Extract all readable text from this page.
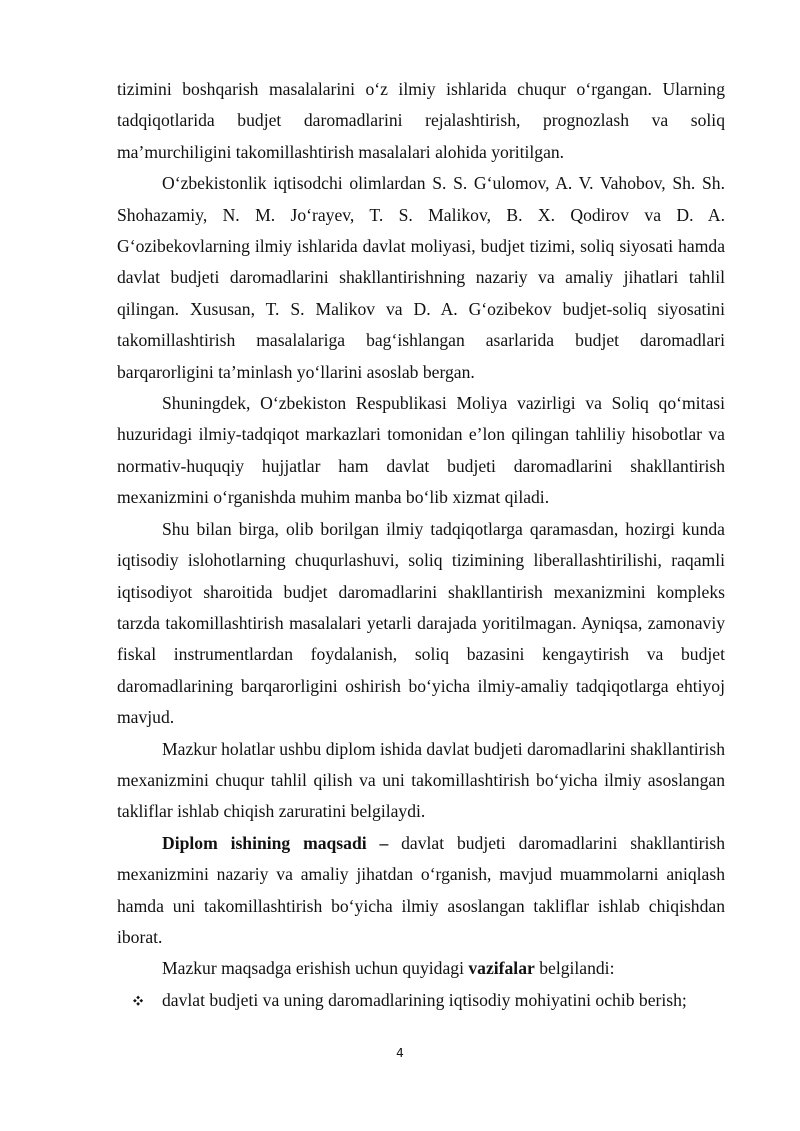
tizimini boshqarish masalalarini o‘z ilmiy ishlarida chuqur o‘rgangan. Ularning tadqiqotlarida budjet daromadlarini rejalashtirish, prognozlash va soliq ma’murchiligini takomillashtirish masalalari alohida yoritilgan.

O‘zbekistonlik iqtisodchi olimlardan S. S. G‘ulomov, A. V. Vahobov, Sh. Sh. Shohazamiy, N. M. Jo‘rayev, T. S. Malikov, B. X. Qodirov va D. A. G‘ozibekovlarning ilmiy ishlarida davlat moliyasi, budjet tizimi, soliq siyosati hamda davlat budjeti daromadlarini shakllantirishning nazariy va amaliy jihatlari tahlil qilingan. Xususan, T. S. Malikov va D. A. G‘ozibekov budjet-soliq siyosatini takomillashtirish masalalariga bag‘ishlangan asarlarida budjet daromadlari barqarorligini ta’minlash yo‘llarini asoslab bergan.

Shuningdek, O‘zbekiston Respublikasi Moliya vazirligi va Soliq qo‘mitasi huzuridagi ilmiy-tadqiqot markazlari tomonidan e’lon qilingan tahliliy hisobotlar va normativ-huquqiy hujjatlar ham davlat budjeti daromadlarini shakllantirish mexanizmini o‘rganishda muhim manba bo‘lib xizmat qiladi.

Shu bilan birga, olib borilgan ilmiy tadqiqotlarga qaramasdan, hozirgi kunda iqtisodiy islohotlarning chuqurlashuvi, soliq tizimining liberallashtirilishi, raqamli iqtisodiyot sharoitida budjet daromadlarini shakllantirish mexanizmini kompleks tarzda takomillashtirish masalalari yetarli darajada yoritilmagan. Ayniqsa, zamonaviy fiskal instrumentlardan foydalanish, soliq bazasini kengaytirish va budjet daromadlarining barqarorligini oshirish bo‘yicha ilmiy-amaliy tadqiqotlarga ehtiyoj mavjud.

Mazkur holatlar ushbu diplom ishida davlat budjeti daromadlarini shakllantirish mexanizmini chuqur tahlil qilish va uni takomillashtirish bo‘yicha ilmiy asoslangan takliflar ishlab chiqish zaruratini belgilaydi.

Diplom ishining maqsadi – davlat budjeti daromadlarini shakllantirish mexanizmini nazariy va amaliy jihatdan o‘rganish, mavjud muammolarni aniqlash hamda uni takomillashtirish bo‘yicha ilmiy asoslangan takliflar ishlab chiqishdan iborat.

Mazkur maqsadga erishish uchun quyidagi vazifalar belgilandi:

davlat budjeti va uning daromadlarining iqtisodiy mohiyatini ochib berish;

4
